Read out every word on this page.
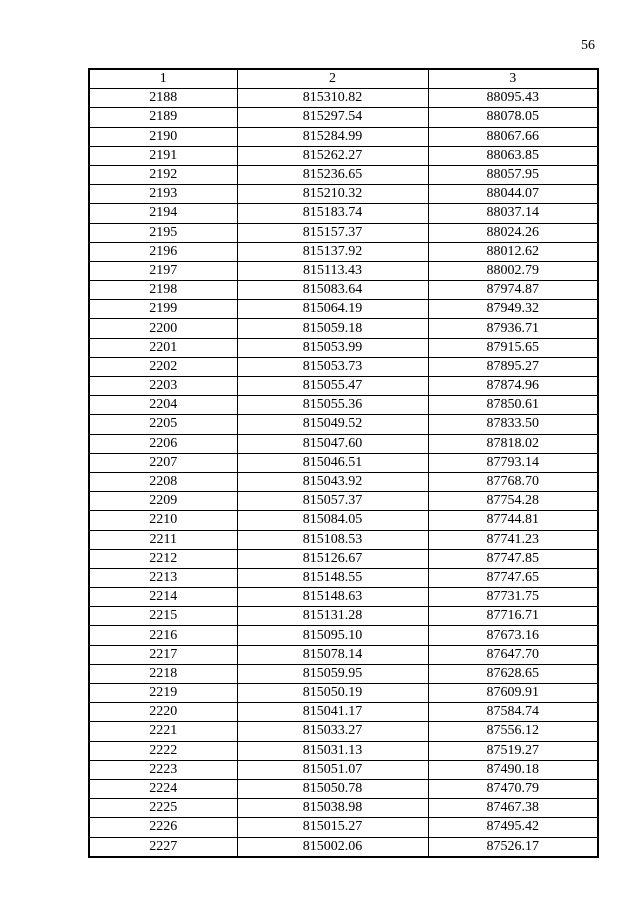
56
1	2	3
2188	815310.82	88095.43
2189	815297.54	88078.05
2190	815284.99	88067.66
2191	815262.27	88063.85
2192	815236.65	88057.95
2193	815210.32	88044.07
2194	815183.74	88037.14
2195	815157.37	88024.26
2196	815137.92	88012.62
2197	815113.43	88002.79
2198	815083.64	87974.87
2199	815064.19	87949.32
2200	815059.18	87936.71
2201	815053.99	87915.65
2202	815053.73	87895.27
2203	815055.47	87874.96
2204	815055.36	87850.61
2205	815049.52	87833.50
2206	815047.60	87818.02
2207	815046.51	87793.14
2208	815043.92	87768.70
2209	815057.37	87754.28
2210	815084.05	87744.81
2211	815108.53	87741.23
2212	815126.67	87747.85
2213	815148.55	87747.65
2214	815148.63	87731.75
2215	815131.28	87716.71
2216	815095.10	87673.16
2217	815078.14	87647.70
2218	815059.95	87628.65
2219	815050.19	87609.91
2220	815041.17	87584.74
2221	815033.27	87556.12
2222	815031.13	87519.27
2223	815051.07	87490.18
2224	815050.78	87470.79
2225	815038.98	87467.38
2226	815015.27	87495.42
2227	815002.06	87526.17
